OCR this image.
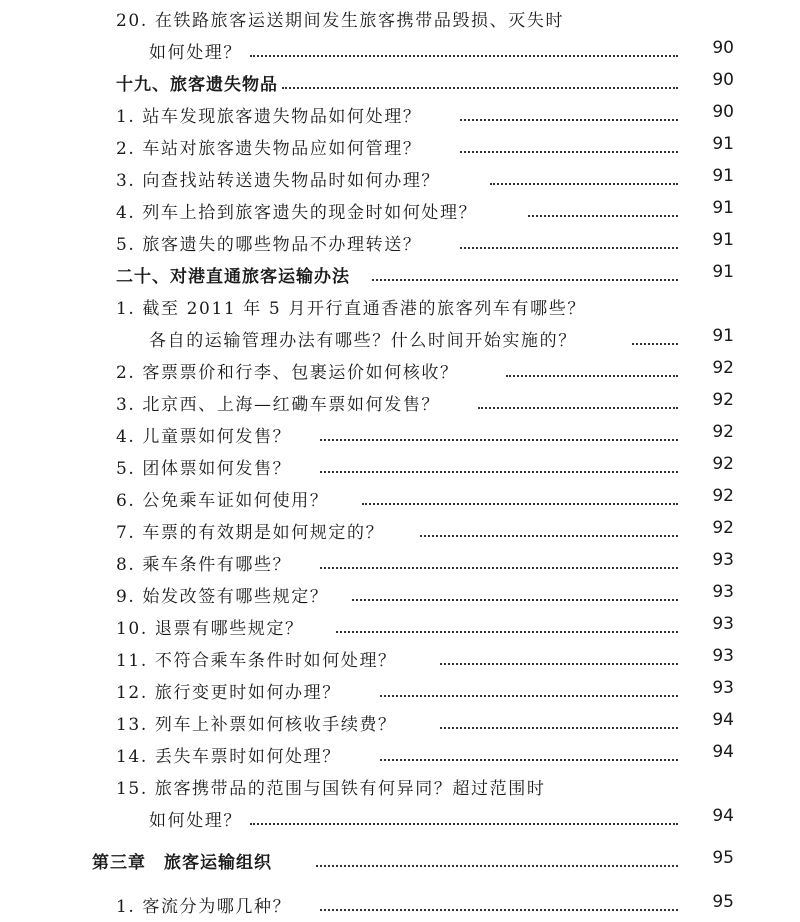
20. 在铁路旅客运送期间发生旅客携带品毁损、灭失时
如何处理？	90
十九、旅客遗失物品	90
1. 站车发现旅客遗失物品如何处理？	90
2. 车站对旅客遗失物品应如何管理？	91
3. 向查找站转送遗失物品时如何办理？	91
4. 列车上拾到旅客遗失的现金时如何处理？	91
5. 旅客遗失的哪些物品不办理转送？	91
二十、对港直通旅客运输办法	91
1. 截至 2011 年 5 月开行直通香港的旅客列车有哪些？
各自的运输管理办法有哪些？什么时间开始实施的？	91
2. 客票票价和行李、包裹运价如何核收？	92
3. 北京西、上海—红磡车票如何发售？	92
4. 儿童票如何发售？	92
5. 团体票如何发售？	92
6. 公免乘车证如何使用？	92
7. 车票的有效期是如何规定的？	92
8. 乘车条件有哪些？	93
9. 始发改签有哪些规定？	93
10. 退票有哪些规定？	93
11. 不符合乘车条件时如何处理？	93
12. 旅行变更时如何办理？	93
13. 列车上补票如何核收手续费？	94
14. 丢失车票时如何处理？	94
15. 旅客携带品的范围与国铁有何异同？超过范围时
如何处理？	94
第三章　旅客运输组织	95
1. 客流分为哪几种？	95
